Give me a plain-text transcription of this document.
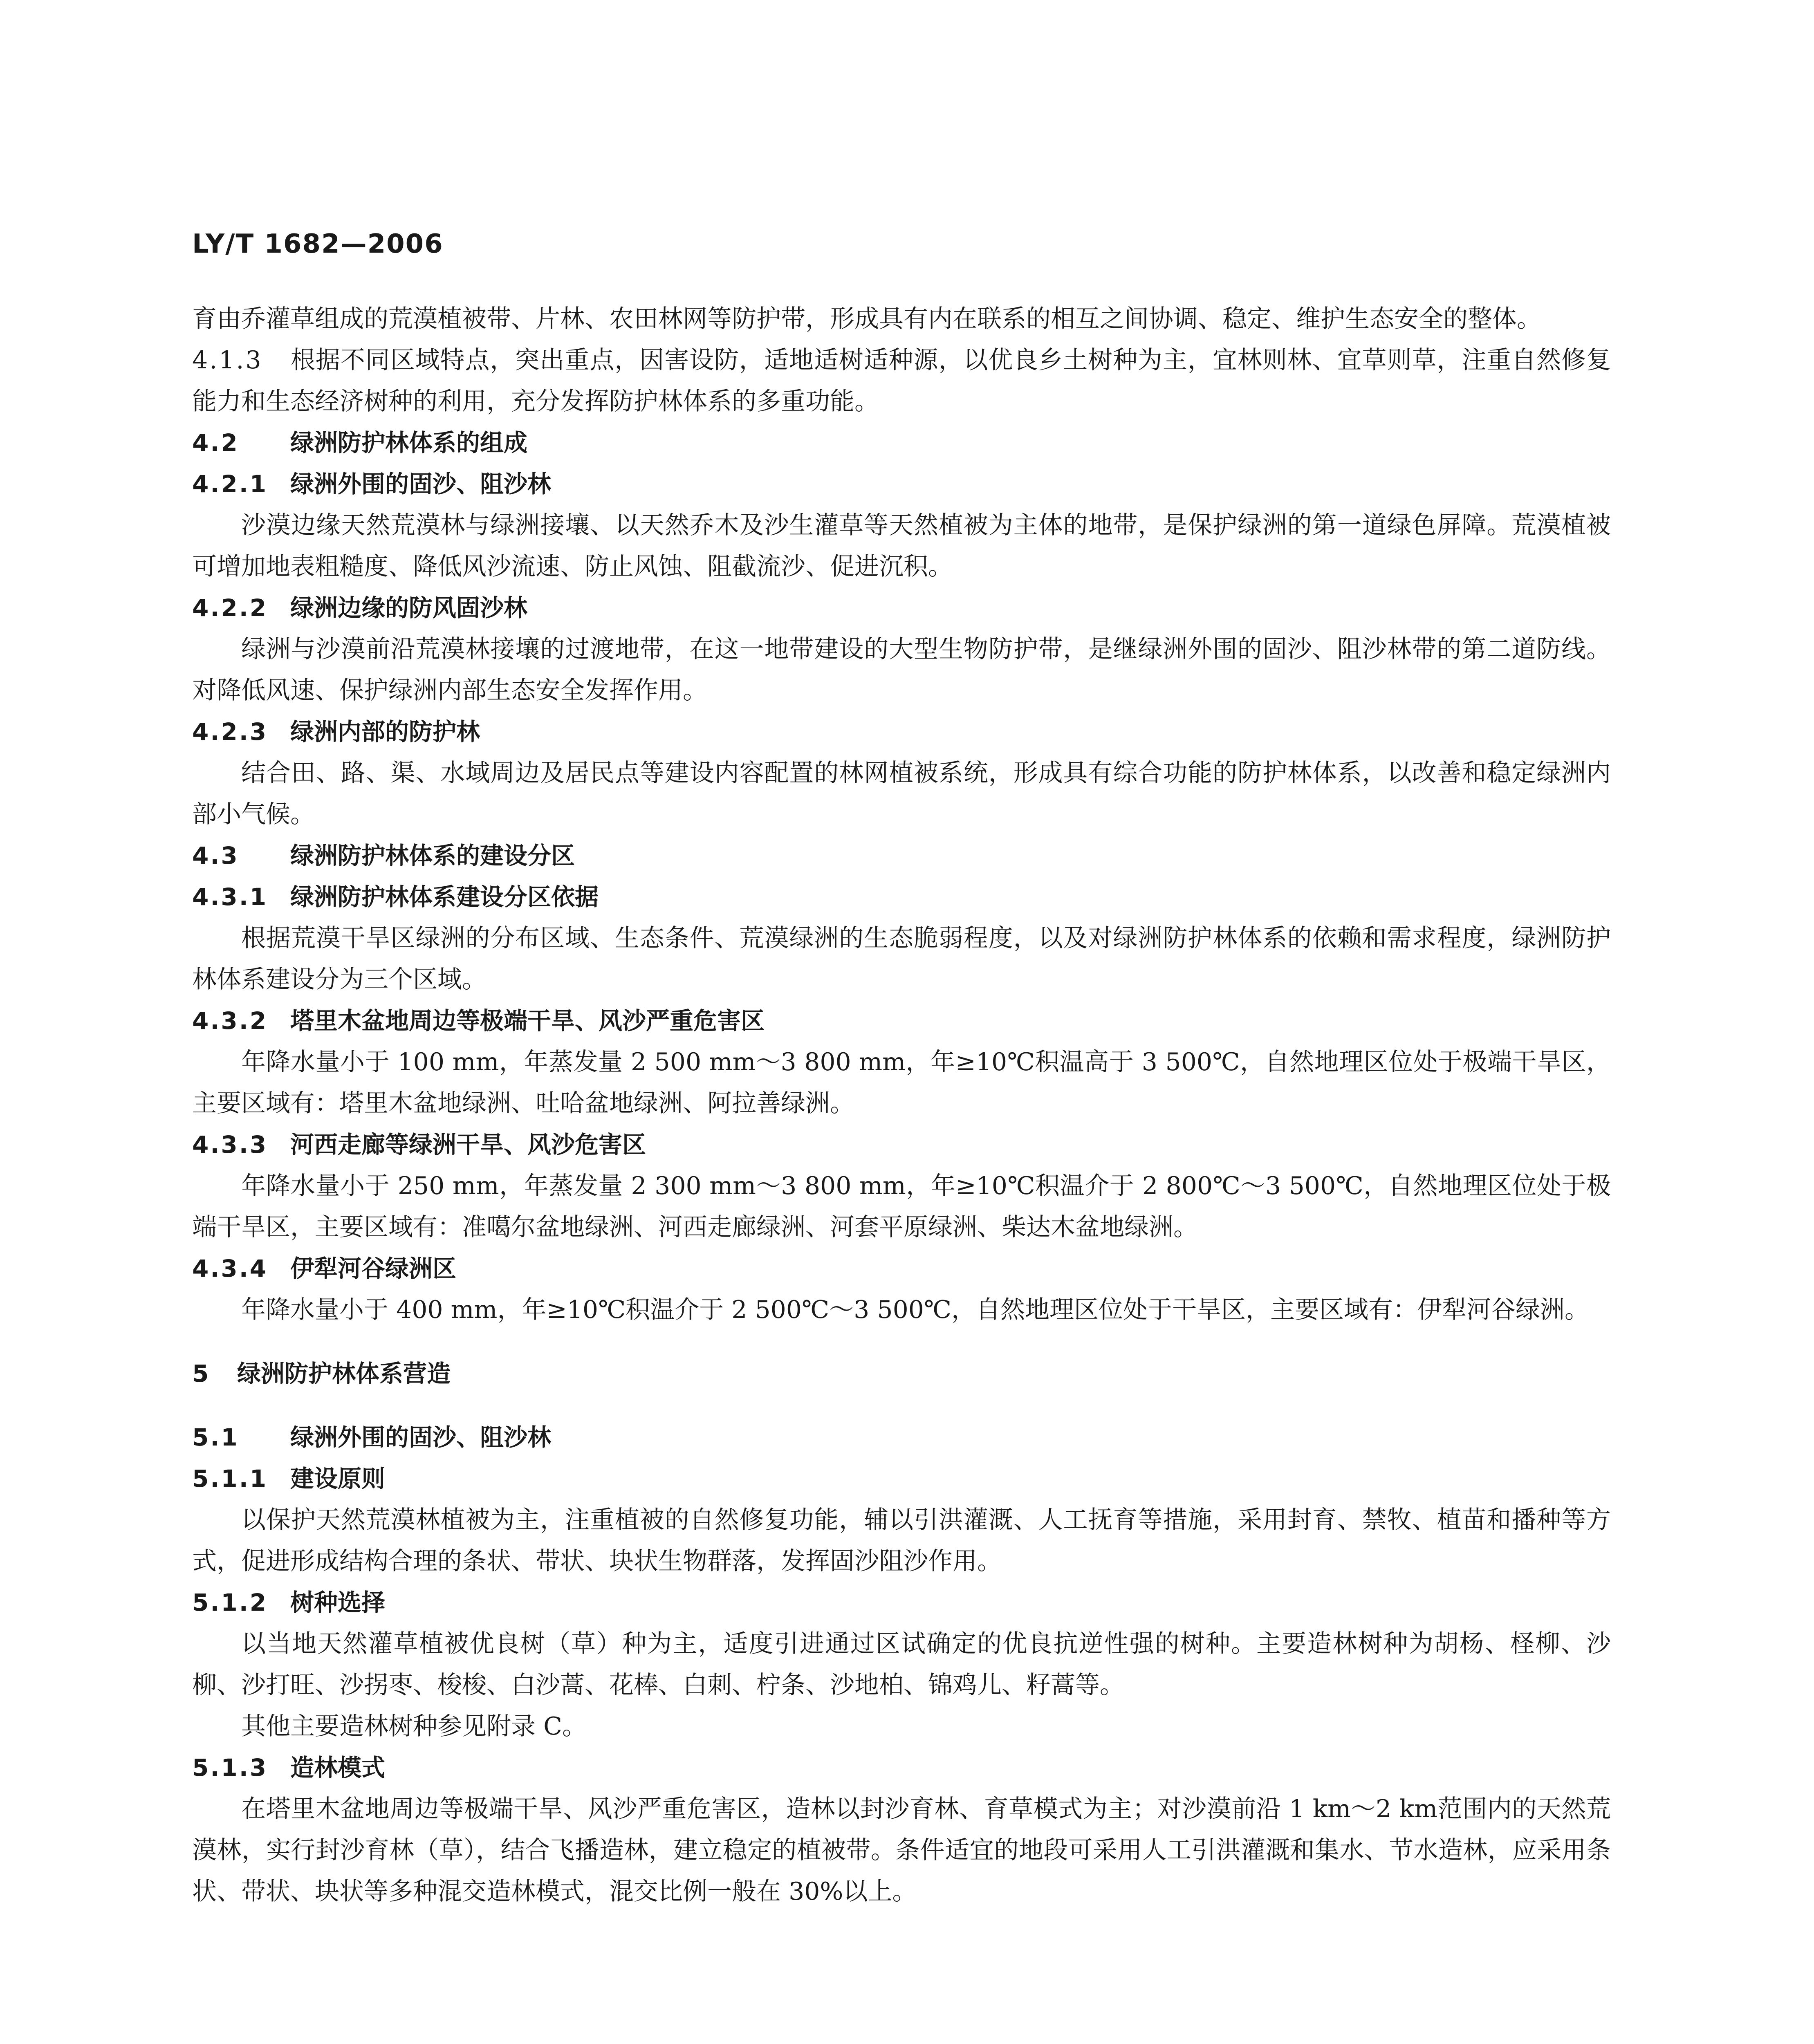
LY/T 1682—2006

育由乔灌草组成的荒漠植被带、片林、农田林网等防护带，形成具有内在联系的相互之间协调、稳定、维护生态安全的整体。

4.1.3 根据不同区域特点，突出重点，因害设防，适地适树适种源，以优良乡土树种为主，宜林则林、宜草则草，注重自然修复能力和生态经济树种的利用，充分发挥防护林体系的多重功能。

4.2 绿洲防护林体系的组成
4.2.1 绿洲外围的固沙、阻沙林

沙漠边缘天然荒漠林与绿洲接壤、以天然乔木及沙生灌草等天然植被为主体的地带，是保护绿洲的第一道绿色屏障。荒漠植被可增加地表粗糙度、降低风沙流速、防止风蚀、阻截流沙、促进沉积。

4.2.2 绿洲边缘的防风固沙林

绿洲与沙漠前沿荒漠林接壤的过渡地带，在这一地带建设的大型生物防护带，是继绿洲外围的固沙、阻沙林带的第二道防线。对降低风速、保护绿洲内部生态安全发挥作用。

4.2.3 绿洲内部的防护林

结合田、路、渠、水域周边及居民点等建设内容配置的林网植被系统，形成具有综合功能的防护林体系，以改善和稳定绿洲内部小气候。

4.3 绿洲防护林体系的建设分区
4.3.1 绿洲防护林体系建设分区依据

根据荒漠干旱区绿洲的分布区域、生态条件、荒漠绿洲的生态脆弱程度，以及对绿洲防护林体系的依赖和需求程度，绿洲防护林体系建设分为三个区域。

4.3.2 塔里木盆地周边等极端干旱、风沙严重危害区

年降水量小于 100 mm，年蒸发量 2 500 mm～3 800 mm，年≥10℃积温高于 3 500℃，自然地理区位处于极端干旱区，主要区域有：塔里木盆地绿洲、吐哈盆地绿洲、阿拉善绿洲。

4.3.3 河西走廊等绿洲干旱、风沙危害区

年降水量小于 250 mm，年蒸发量 2 300 mm～3 800 mm，年≥10℃积温介于 2 800℃～3 500℃，自然地理区位处于极端干旱区，主要区域有：准噶尔盆地绿洲、河西走廊绿洲、河套平原绿洲、柴达木盆地绿洲。

4.3.4 伊犁河谷绿洲区

年降水量小于 400 mm，年≥10℃积温介于 2 500℃～3 500℃，自然地理区位处于干旱区，主要区域有：伊犁河谷绿洲。

5 绿洲防护林体系营造
5.1 绿洲外围的固沙、阻沙林
5.1.1 建设原则

以保护天然荒漠林植被为主，注重植被的自然修复功能，辅以引洪灌溉、人工抚育等措施，采用封育、禁牧、植苗和播种等方式，促进形成结构合理的条状、带状、块状生物群落，发挥固沙阻沙作用。

5.1.2 树种选择

以当地天然灌草植被优良树（草）种为主，适度引进通过区试确定的优良抗逆性强的树种。主要造林树种为胡杨、柽柳、沙柳、沙打旺、沙拐枣、梭梭、白沙蒿、花棒、白刺、柠条、沙地柏、锦鸡儿、籽蒿等。

其他主要造林树种参见附录 C。

5.1.3 造林模式

在塔里木盆地周边等极端干旱、风沙严重危害区，造林以封沙育林、育草模式为主；对沙漠前沿 1 km～2 km范围内的天然荒漠林，实行封沙育林（草），结合飞播造林，建立稳定的植被带。条件适宜的地段可采用人工引洪灌溉和集水、节水造林，应采用条状、带状、块状等多种混交造林模式，混交比例一般在 30%以上。
